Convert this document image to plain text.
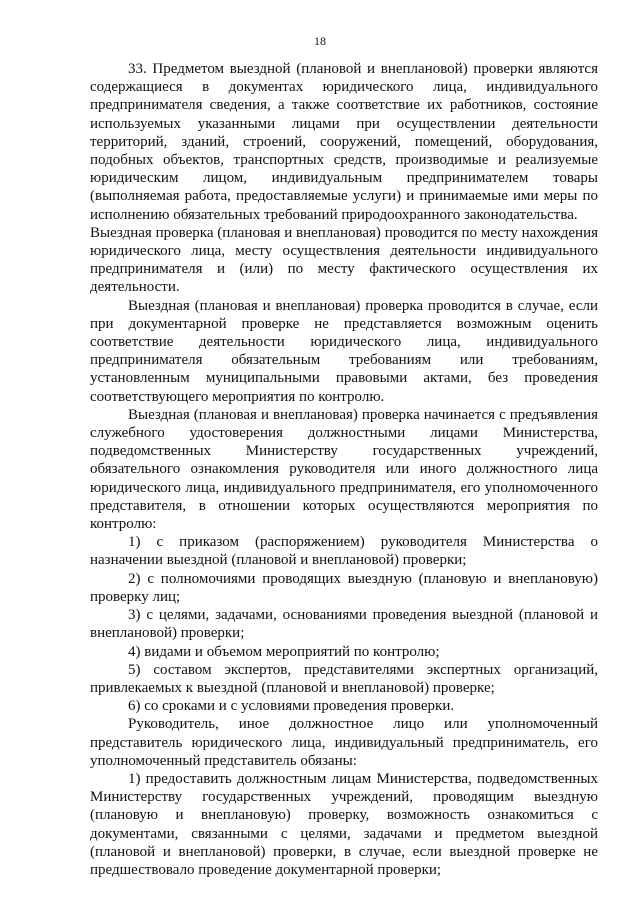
18

33. Предметом выездной (плановой и внеплановой) проверки являются содержащиеся в документах юридического лица, индивидуального предпринимателя сведения, а также соответствие их работников, состояние используемых указанными лицами при осуществлении деятельности территорий, зданий, строений, сооружений, помещений, оборудования, подобных объектов, транспортных средств, производимые и реализуемые юридическим лицом, индивидуальным предпринимателем товары (выполняемая работа, предоставляемые услуги) и принимаемые ими меры по исполнению обязательных требований природоохранного законодательства.

Выездная проверка (плановая и внеплановая) проводится по месту нахождения юридического лица, месту осуществления деятельности индивидуального предпринимателя и (или) по месту фактического осуществления их деятельности.

Выездная (плановая и внеплановая) проверка проводится в случае, если при документарной проверке не представляется возможным оценить соответствие деятельности юридического лица, индивидуального предпринимателя обязательным требованиям или требованиям, установленным муниципальными правовыми актами, без проведения соответствующего мероприятия по контролю.

Выездная (плановая и внеплановая) проверка начинается с предъявления служебного удостоверения должностными лицами Министерства, подведомственных Министерству государственных учреждений, обязательного ознакомления руководителя или иного должностного лица юридического лица, индивидуального предпринимателя, его уполномоченного представителя, в отношении которых осуществляются мероприятия по контролю:

1) с приказом (распоряжением) руководителя Министерства о назначении выездной (плановой и внеплановой) проверки;

2) с полномочиями проводящих выездную (плановую и внеплановую) проверку лиц;

3) с целями, задачами, основаниями проведения выездной (плановой и внеплановой) проверки;

4) видами и объемом мероприятий по контролю;

5) составом экспертов, представителями экспертных организаций, привлекаемых к выездной (плановой и внеплановой) проверке;

6) со сроками и с условиями проведения проверки.

Руководитель, иное должностное лицо или уполномоченный представитель юридического лица, индивидуальный предприниматель, его уполномоченный представитель обязаны:

1) предоставить должностным лицам Министерства, подведомственных Министерству государственных учреждений, проводящим выездную (плановую и внеплановую) проверку, возможность ознакомиться с документами, связанными с целями, задачами и предметом выездной (плановой и внеплановой) проверки, в случае, если выездной проверке не предшествовало проведение документарной проверки;
